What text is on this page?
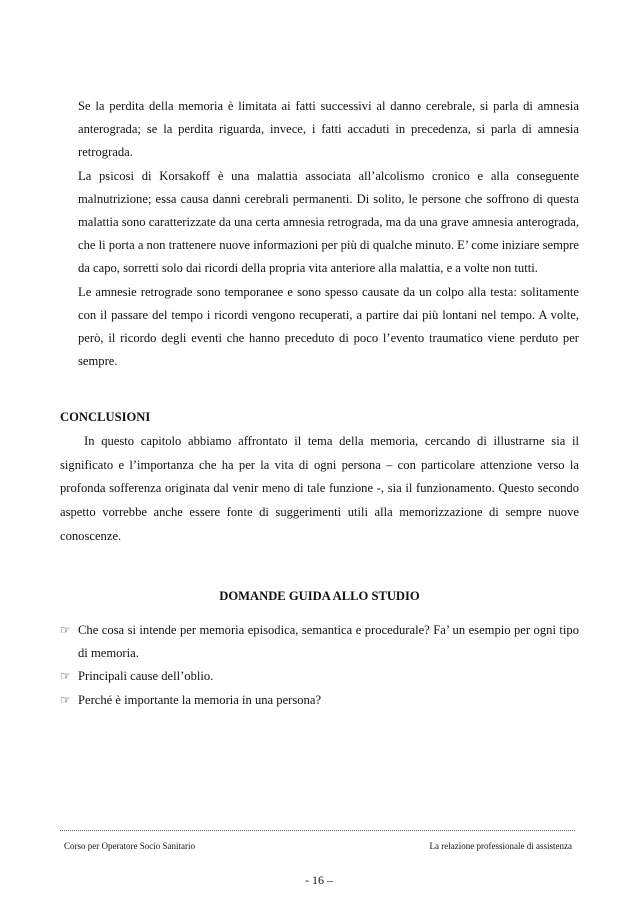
Se la perdita della memoria è limitata ai fatti successivi al danno cerebrale, si parla di amnesia anterograda; se la perdita riguarda, invece, i fatti accaduti in precedenza, si parla di amnesia retrograda.

La psicosi di Korsakoff è una malattia associata all’alcolismo cronico e alla conseguente malnutrizione; essa causa danni cerebrali permanenti. Di solito, le persone che soffrono di questa malattia sono caratterizzate da una certa amnesia retrograda, ma da una grave amnesia anterograda, che li porta a non trattenere nuove informazioni per più di qualche minuto. E’ come iniziare sempre da capo, sorretti solo dai ricordi della propria vita anteriore alla malattia, e a volte non tutti.

Le amnesie retrograde sono temporanee e sono spesso causate da un colpo alla testa: solitamente con il passare del tempo i ricordi vengono recuperati, a partire dai più lontani nel tempo. A volte, però, il ricordo degli eventi che hanno preceduto di poco l’evento traumatico viene perduto per sempre.

CONCLUSIONI

In questo capitolo abbiamo affrontato il tema della memoria, cercando di illustrarne sia il significato e l’importanza che ha per la vita di ogni persona – con particolare attenzione verso la profonda sofferenza originata dal venir meno di tale funzione -, sia il funzionamento. Questo secondo aspetto vorrebbe anche essere fonte di suggerimenti utili alla memorizzazione di sempre nuove conoscenze.

DOMANDE GUIDA ALLO STUDIO
☞ Che cosa si intende per memoria episodica, semantica e procedurale? Fa’ un esempio per ogni tipo di memoria.
☞ Principali cause dell’oblio.
☞ Perché è importante la memoria in una persona?
Corso per Operatore Socio Sanitario	La relazione professionale di assistenza
- 16 –
